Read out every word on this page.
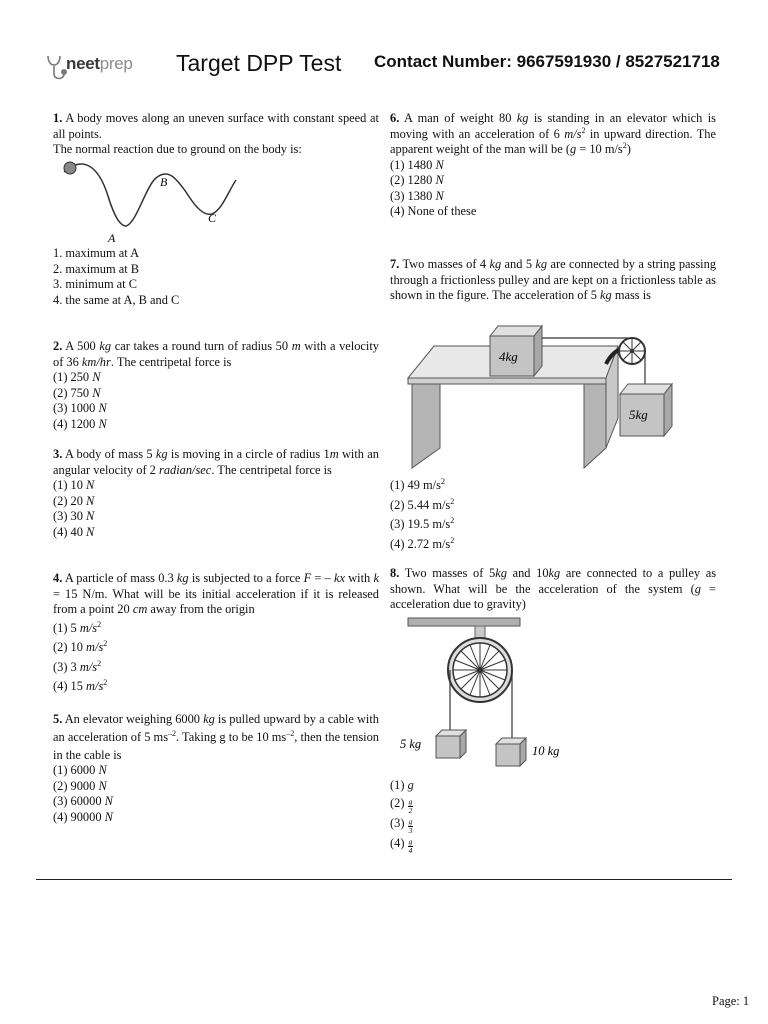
neetprep Target DPP Test Contact Number: 9667591930 / 8527521718

1. A body moves along an uneven surface with constant speed at all points.

The normal reaction due to ground on the body is:

A
B
C

1. maximum at A

2. maximum at B

3. minimum at C

4. the same at A, B and C

2. A 500 kg car takes a round turn of radius 50 m with a velocity of 36 km/hr. The centripetal force is

(1) 250 N

(2) 750 N

(3) 1000 N

(4) 1200 N

3. A body of mass 5 kg is moving in a circle of radius 1m with an angular velocity of 2 radian/sec. The centripetal force is

(1) 10 N

(2) 20 N

(3) 30 N

(4) 40 N

4. A particle of mass 0.3 kg is subjected to a force F = – kx with k = 15 N/m. What will be its initial acceleration if it is released from a point 20 cm away from the origin

(1) 5 $m/s^2$

(2) 10 $m/s^2$

(3) 3 $m/s^2$

(4) 15 $m/s^2$

5. An elevator weighing 6000 kg is pulled upward by a cable with an acceleration of 5 $ms^{-2}$. Taking g to be 10 $ms^{-2}$, then the tension in the cable is

(1) 6000 N

(2) 9000 N

(3) 60000 N

(4) 90000 N

6. A man of weight 80 kg is standing in an elevator which is moving with an acceleration of 6 $m/s^2$ in upward direction. The apparent weight of the man will be (g = 10 $m/s^2$)

(1) 1480 N

(2) 1280 N

(3) 1380 N

(4) None of these

7. Two masses of 4 kg and 5 kg are connected by a string passing through a frictionless pulley and are kept on a frictionless table as shown in the figure. The acceleration of 5 kg mass is

4kg
5kg

(1) 49 $m/s^2$

(2) 5.44 $m/s^2$

(3) 19.5 $m/s^2$

(4) 2.72 $m/s^2$

8. Two masses of 5kg and 10kg are connected to a pulley as shown. What will be the acceleration of the system (g = acceleration due to gravity)

5 kg	10 kg

(1) g

$(2) \frac{g}{2}$

$(3) \frac{g}{3}$

$(4) \frac{g}{4}$

Page: 1
